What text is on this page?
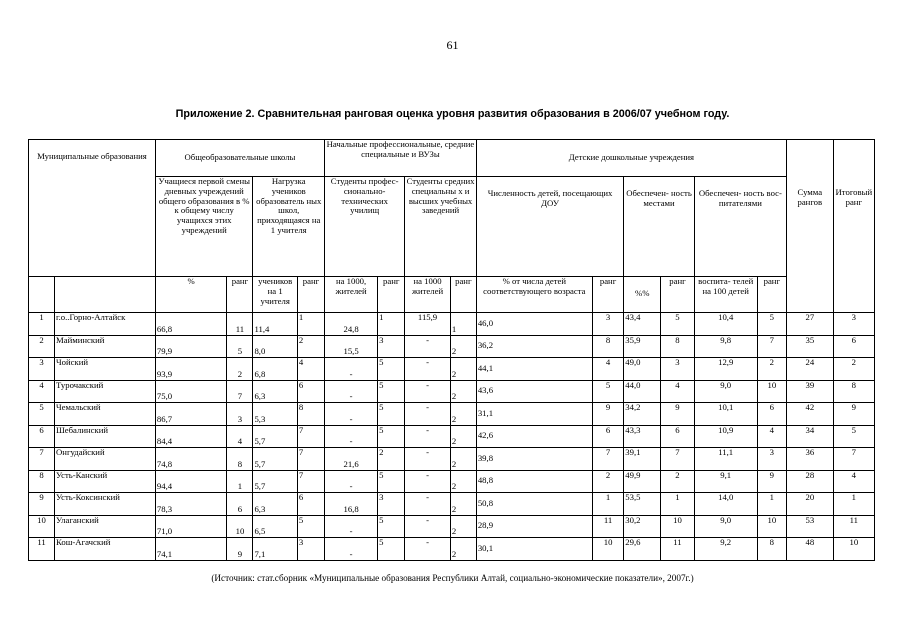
61
Приложение 2. Сравнительная ранговая оценка уровня развития образования в 2006/07 учебном году.
Муниципальные образования		Общеобразовательные школы				Начальные профессиональные, средние специальные и ВУЗы				Детские дошкольные учреждения						Сумма рангов	Итоговый ранг
		Учащиеся первой смены дневных учреждений общего образования в % к общему числу учащихся этих учреждений		Нагрузка учеников образователь ных школ, приходящаяся на 1 учителя		Студенты профес- сионально- технических училищ		Студенты средних специальны х и высших учебных заведений		Численность детей, посещающих ДОУ		Обеспечен- ность местами		Обеспечен- ность вос- питателями			
		%	ранг	учеников на 1 учителя	ранг	на 1000, жителей	ранг	на 1000 жителей	ранг	% от числа детей соответствующего возраста	ранг	%%	ранг	воспита- телей на 100 детей	ранг		
1	г.о..Горно-Алтайск	66,8	11	11,4	1	24,8	1	115,9	1	46,0	3	43,4	5	10,4	5	27	3
2	Майминский	79,9	5	8,0	2	15,5	3	-	2	36,2	8	35,9	8	9,8	7	35	6
3	Чойский	93,9	2	6,8	4	-	5	-	2	44,1	4	49,0	3	12,9	2	24	2
4	Турочакский	75,0	7	6,3	6	-	5	-	2	43,6	5	44,0	4	9,0	10	39	8
5	Чемальский	86,7	3	5,3	8	-	5	-	2	31,1	9	34,2	9	10,1	6	42	9
6	Шебалинский	84,4	4	5,7	7	-	5	-	2	42,6	6	43,3	6	10,9	4	34	5
7	Онгудайский	74,8	8	5,7	7	21,6	2	-	2	39,8	7	39,1	7	11,1	3	36	7
8	Усть-Канский	94,4	1	5,7	7	-	5	-	2	48,8	2	49,9	2	9,1	9	28	4
9	Усть-Коксинский	78,3	6	6,3	6	16,8	3	-	2	50,8	1	53,5	1	14,0	1	20	1
10	Улаганский	71,0	10	6,5	5	-	5	-	2	28,9	11	30,2	10	9,0	10	53	11
11	Кош-Агачский	74,1	9	7,1	3	-	5	-	2	30,1	10	29,6	11	9,2	8	48	10
(Источник: стат.сборник «Муниципальные образования Республики Алтай, социально-экономические показатели», 2007г.)
